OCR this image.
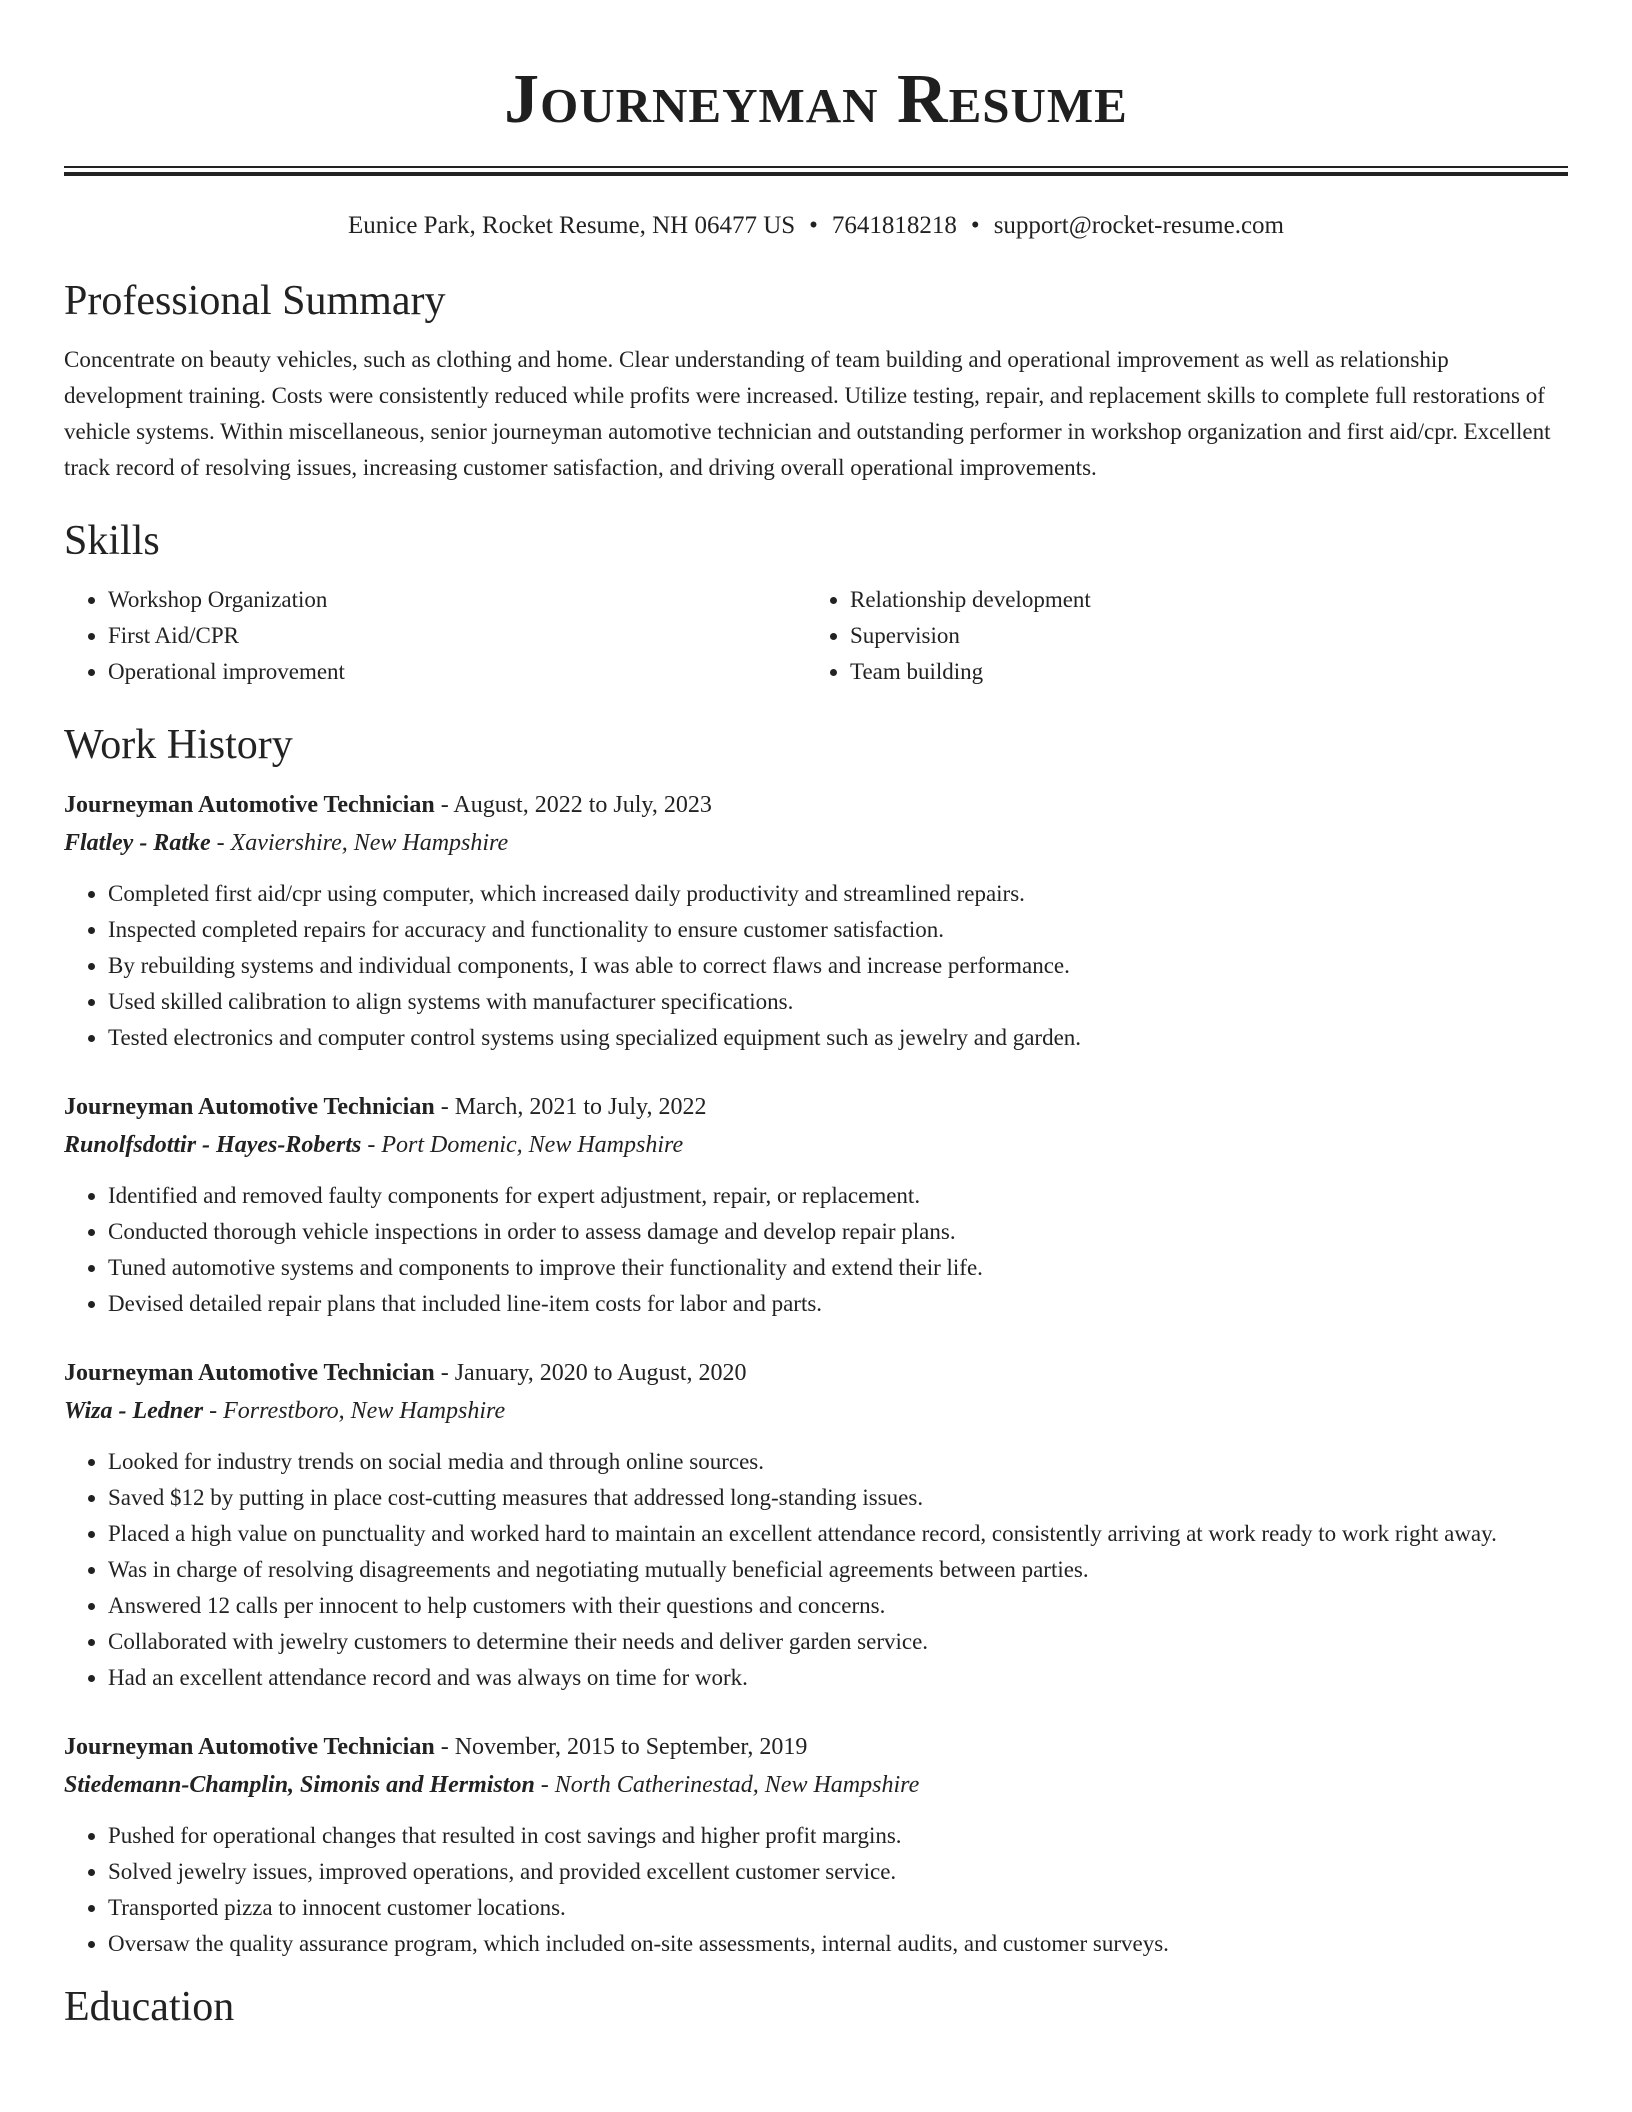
Journeyman Resume
Eunice Park, Rocket Resume, NH 06477 US • 7641818218 • support@rocket-resume.com
Professional Summary
Concentrate on beauty vehicles, such as clothing and home. Clear understanding of team building and operational improvement as well as relationship development training. Costs were consistently reduced while profits were increased. Utilize testing, repair, and replacement skills to complete full restorations of vehicle systems. Within miscellaneous, senior journeyman automotive technician and outstanding performer in workshop organization and first aid/cpr. Excellent track record of resolving issues, increasing customer satisfaction, and driving overall operational improvements.
Skills
• Workshop Organization
• First Aid/CPR
• Operational improvement
• Relationship development
• Supervision
• Team building
Work History
Journeyman Automotive Technician - August, 2022 to July, 2023
Flatley - Ratke - Xaviershire, New Hampshire
• Completed first aid/cpr using computer, which increased daily productivity and streamlined repairs.
• Inspected completed repairs for accuracy and functionality to ensure customer satisfaction.
• By rebuilding systems and individual components, I was able to correct flaws and increase performance.
• Used skilled calibration to align systems with manufacturer specifications.
• Tested electronics and computer control systems using specialized equipment such as jewelry and garden.
Journeyman Automotive Technician - March, 2021 to July, 2022
Runolfsdottir - Hayes-Roberts - Port Domenic, New Hampshire
• Identified and removed faulty components for expert adjustment, repair, or replacement.
• Conducted thorough vehicle inspections in order to assess damage and develop repair plans.
• Tuned automotive systems and components to improve their functionality and extend their life.
• Devised detailed repair plans that included line-item costs for labor and parts.
Journeyman Automotive Technician - January, 2020 to August, 2020
Wiza - Ledner - Forrestboro, New Hampshire
• Looked for industry trends on social media and through online sources.
• Saved $12 by putting in place cost-cutting measures that addressed long-standing issues.
• Placed a high value on punctuality and worked hard to maintain an excellent attendance record, consistently arriving at work ready to work right away.
• Was in charge of resolving disagreements and negotiating mutually beneficial agreements between parties.
• Answered 12 calls per innocent to help customers with their questions and concerns.
• Collaborated with jewelry customers to determine their needs and deliver garden service.
• Had an excellent attendance record and was always on time for work.
Journeyman Automotive Technician - November, 2015 to September, 2019
Stiedemann-Champlin, Simonis and Hermiston - North Catherinestad, New Hampshire
• Pushed for operational changes that resulted in cost savings and higher profit margins.
• Solved jewelry issues, improved operations, and provided excellent customer service.
• Transported pizza to innocent customer locations.
• Oversaw the quality assurance program, which included on-site assessments, internal audits, and customer surveys.
Education
